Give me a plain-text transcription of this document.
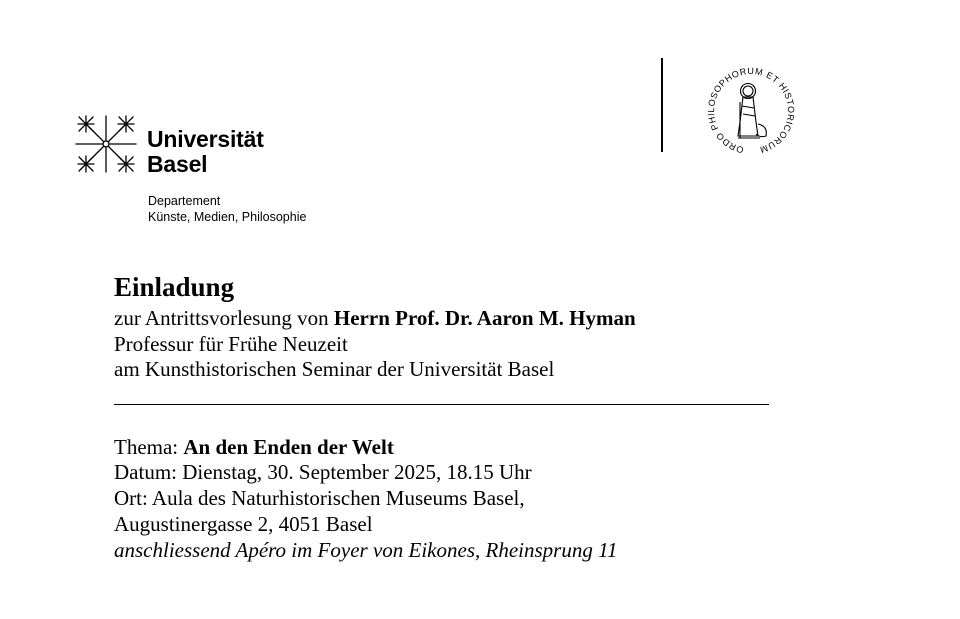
Universität
Basel
Departement
Künste, Medien, Philosophie
ORDO PHILOSOPHORUM ET HISTORICORUM
Einladung
zur Antrittsvorlesung von Herrn Prof. Dr. Aaron M. Hyman
Professur für Frühe Neuzeit
am Kunsthistorischen Seminar der Universität Basel
Thema: An den Enden der Welt
Datum: Dienstag, 30. September 2025, 18.15 Uhr
Ort: Aula des Naturhistorischen Museums Basel,
Augustinergasse 2, 4051 Basel
anschliessend Apéro im Foyer von Eikones, Rheinsprung 11
